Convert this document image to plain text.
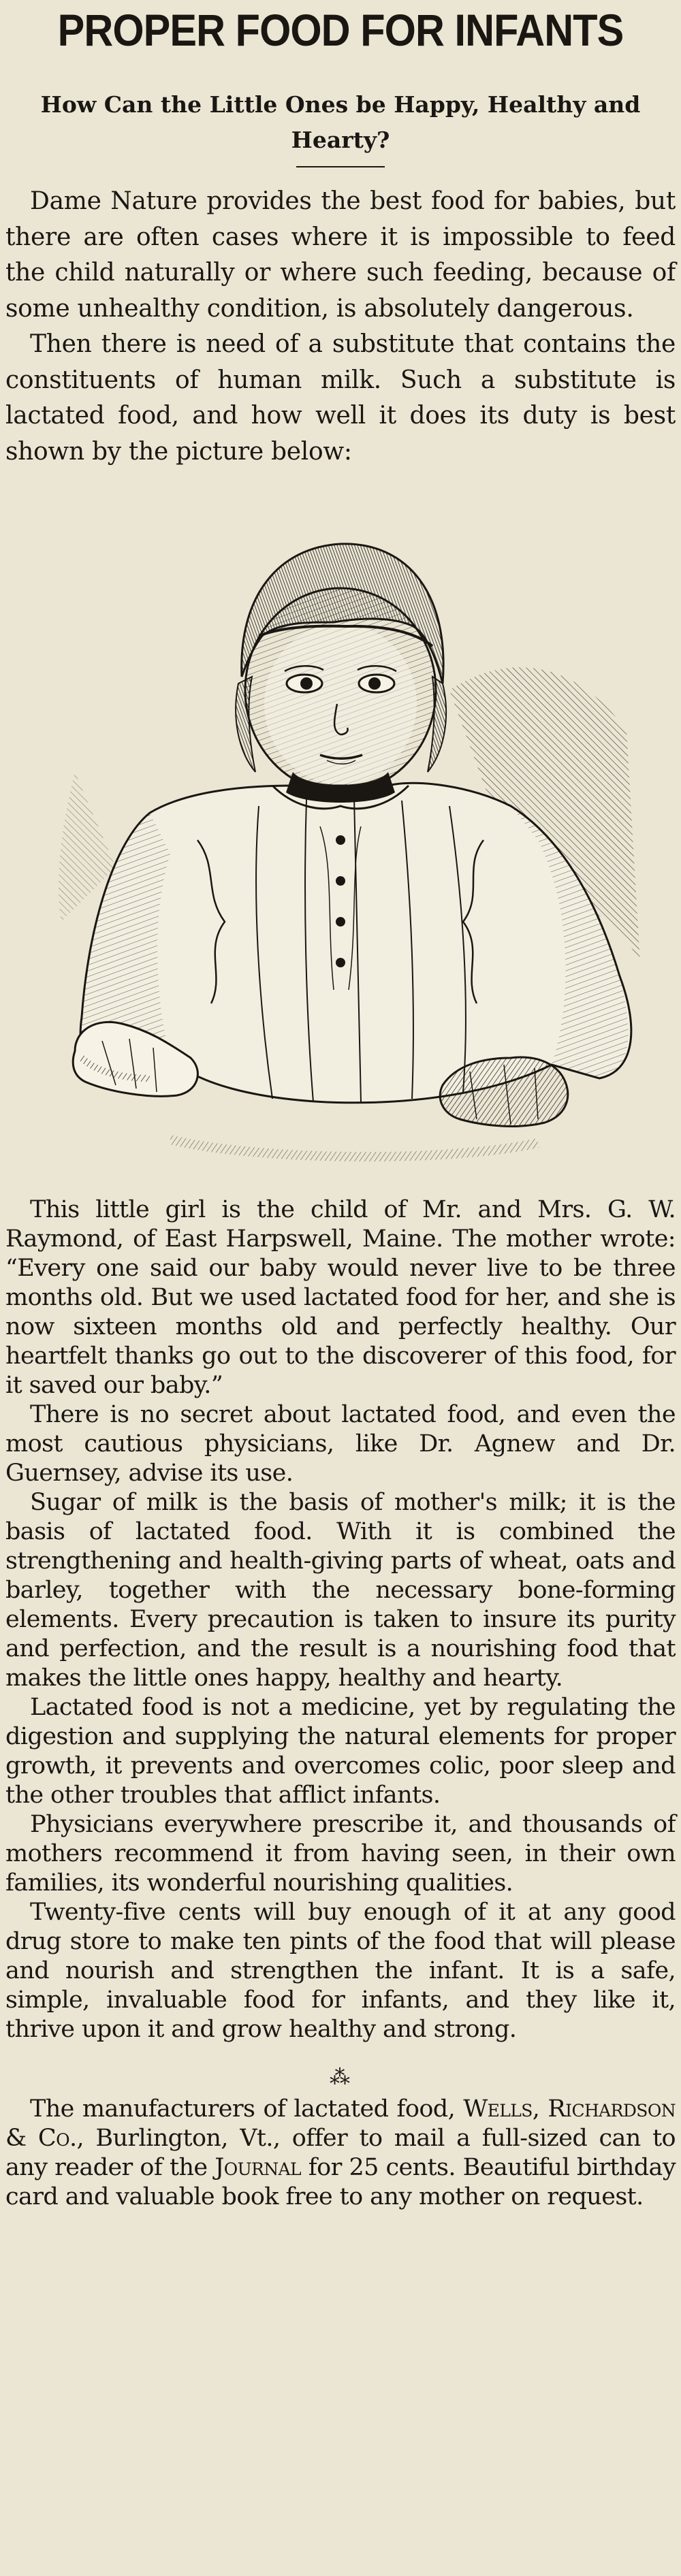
PROPER FOOD FOR INFANTS
How Can the Little Ones be Happy, Healthy and Hearty?

Dame Nature provides the best food for babies, but there are often cases where it is impossible to feed the child naturally or where such feeding, because of some unhealthy condition, is absolutely dangerous.

Then there is need of a substitute that contains the constituents of human milk. Such a substitute is lactated food, and how well it does its duty is best shown by the picture below:

This little girl is the child of Mr. and Mrs. G. W. Raymond, of East Harpswell, Maine. The mother wrote: “Every one said our baby would never live to be three months old. But we used lactated food for her, and she is now sixteen months old and perfectly healthy. Our heartfelt thanks go out to the discoverer of this food, for it saved our baby.”

There is no secret about lactated food, and even the most cautious physicians, like Dr. Agnew and Dr. Guernsey, advise its use.

Sugar of milk is the basis of mother's milk; it is the basis of lactated food. With it is combined the strengthening and health-giving parts of wheat, oats and barley, together with the necessary bone-forming elements. Every precaution is taken to insure its purity and perfection, and the result is a nourishing food that makes the little ones happy, healthy and hearty.

Lactated food is not a medicine, yet by regulating the digestion and supplying the natural elements for proper growth, it prevents and overcomes colic, poor sleep and the other troubles that afflict infants.

Physicians everywhere prescribe it, and thousands of mothers recommend it from having seen, in their own families, its wonderful nourishing qualities.

Twenty-five cents will buy enough of it at any good drug store to make ten pints of the food that will please and nourish and strengthen the infant. It is a safe, simple, invaluable food for infants, and they like it, thrive upon it and grow healthy and strong.

⁂

The manufacturers of lactated food, Wells, Richardson & Co., Burlington, Vt., offer to mail a full-sized can to any reader of the Journal for 25 cents. Beautiful birthday card and valuable book free to any mother on request.
